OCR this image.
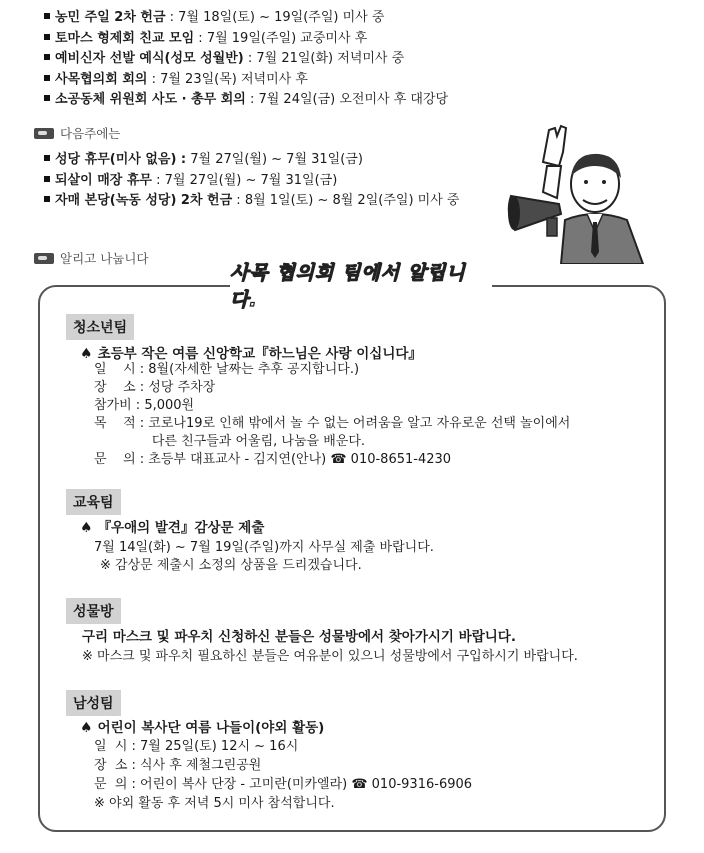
농민 주일 2차 헌금 : 7월 18일(토) ~ 19일(주일) 미사 중
토마스 형제회 친교 모임 : 7월 19일(주일) 교중미사 후
예비신자 선발 예식(성모 성월반) : 7월 21일(화) 저녁미사 중
사목협의회 회의 : 7월 23일(목) 저녁미사 후
소공동체 위원회 사도 · 총무 회의 : 7월 24일(금) 오전미사 후 대강당
다음주에는
성당 휴무(미사 없음) : 7월 27일(월) ~ 7월 31일(금)
되살이 매장 휴무 : 7월 27일(월) ~ 7월 31일(금)
자매 본당(녹동 성당) 2차 헌금 : 8월 1일(토) ~ 8월 2일(주일) 미사 중
알리고 나눕니다
사목 협의회 팀에서 알립니다.
청소년팀
♠ 초등부 작은 여름 신앙학교『하느님은 사랑 이십니다』
일    시 : 8월(자세한 날짜는 추후 공지합니다.)
장    소 : 성당 주차장
참가비 : 5,000원
목    적 : 코로나19로 인해 밖에서 놀 수 없는 어려움을 알고 자유로운 선택 놀이에서
다른 친구들과 어울림, 나눔을 배운다.
문    의 : 초등부 대표교사 - 김지연(안나) ☎ 010-8651-4230
교육팀
♠ 『우애의 발견』감상문 제출
7월 14일(화) ~ 7월 19일(주일)까지 사무실 제출 바랍니다.
※ 감상문 제출시 소정의 상품을 드리겠습니다.
성물방
구리 마스크 및 파우치 신청하신 분들은 성물방에서 찾아가시기 바랍니다.
※ 마스크 및 파우치 필요하신 분들은 여유분이 있으니 성물방에서 구입하시기 바랍니다.
남성팀
♠ 어린이 복사단 여름 나들이(야외 활동)
일  시 : 7월 25일(토) 12시 ~ 16시
장  소 : 식사 후 제철그린공원
문  의 : 어린이 복사 단장 - 고미란(미카엘라) ☎ 010-9316-6906
※ 야외 활동 후 저녁 5시 미사 참석합니다.
